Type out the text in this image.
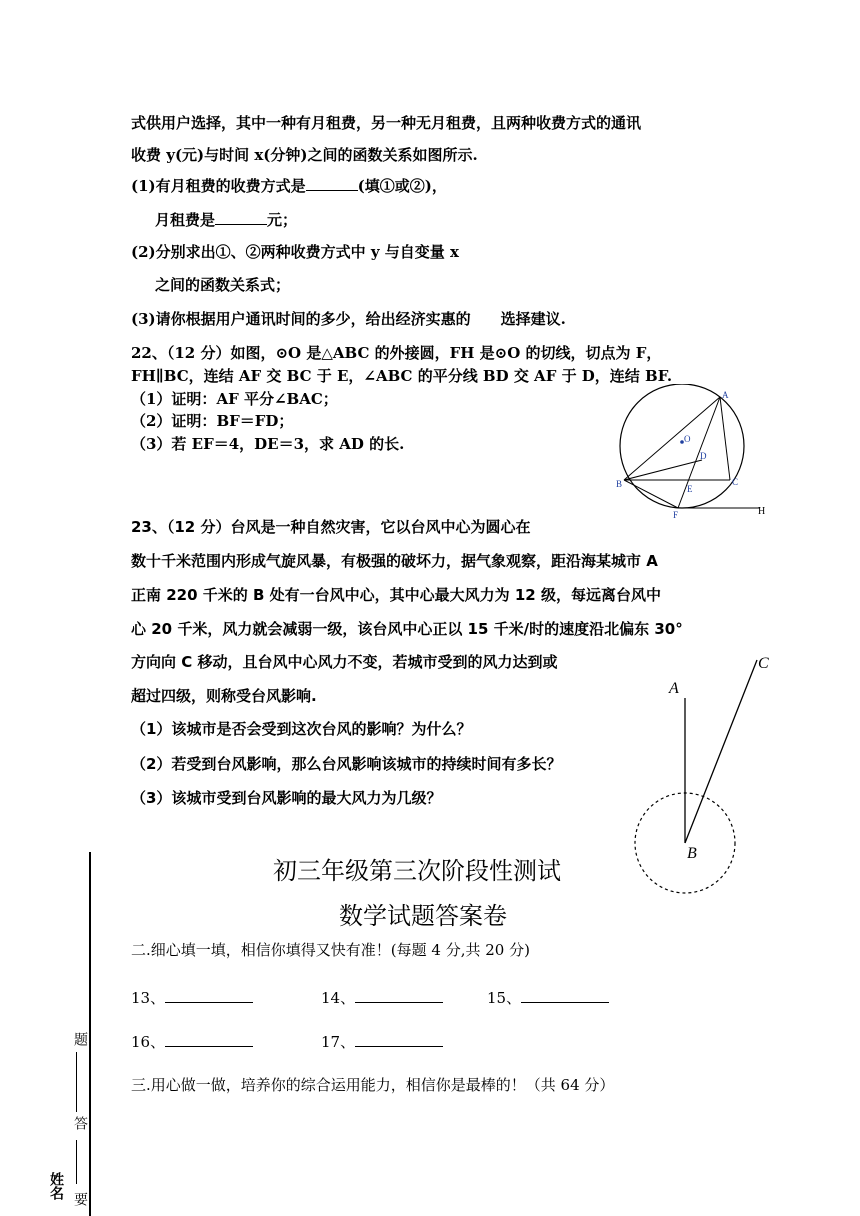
式供用户选择，其中一种有月租费，另一种无月租费，且两种收费方式的通讯
收费 y(元)与时间 x(分钟)之间的函数关系如图所示.
(1)有月租费的收费方式是	(填①或②)，
月租费是	元；
(2)分别求出①、②两种收费方式中 y 与自变量 x
之间的函数关系式；
(3)请你根据用户通讯时间的多少，给出经济实惠的　　选择建议.
22、（12 分）如图，⊙O 是△ABC 的外接圆，FH 是⊙O 的切线，切点为 F，
FH∥BC，连结 AF 交 BC 于 E，∠ABC 的平分线 BD 交 AF 于 D，连结 BF.
（1）证明：AF 平分∠BAC；
（2）证明：BF＝FD；
（3）若 EF＝4，DE＝3，求 AD 的长.
A
O
D
B	E
C
F	H
23、（12 分）台风是一种自然灾害，它以台风中心为圆心在
数十千米范围内形成气旋风暴，有极强的破坏力，据气象观察，距沿海某城市 A
正南 220 千米的 B 处有一台风中心，其中心最大风力为 12 级，每远离台风中
心 20 千米，风力就会减弱一级，该台风中心正以 15 千米/时的速度沿北偏东 30°
方向向 C 移动，且台风中心风力不变，若城市受到的风力达到或
超过四级，则称受台风影响.
（1）该城市是否会受到这次台风的影响？为什么？
（2）若受到台风影响，那么台风影响该城市的持续时间有多长？
（3）该城市受到台风影响的最大风力为几级？
A
B
C
初三年级第三次阶段性测试
数学试题答案卷
二.细心填一填，相信你填得又快有准！(每题 4 分,共 20 分)
13、	14、	15、
16、	17、
三.用心做一做，培养你的综合运用能力，相信你是最棒的！（共 64 分）
题
答
要
姓名
